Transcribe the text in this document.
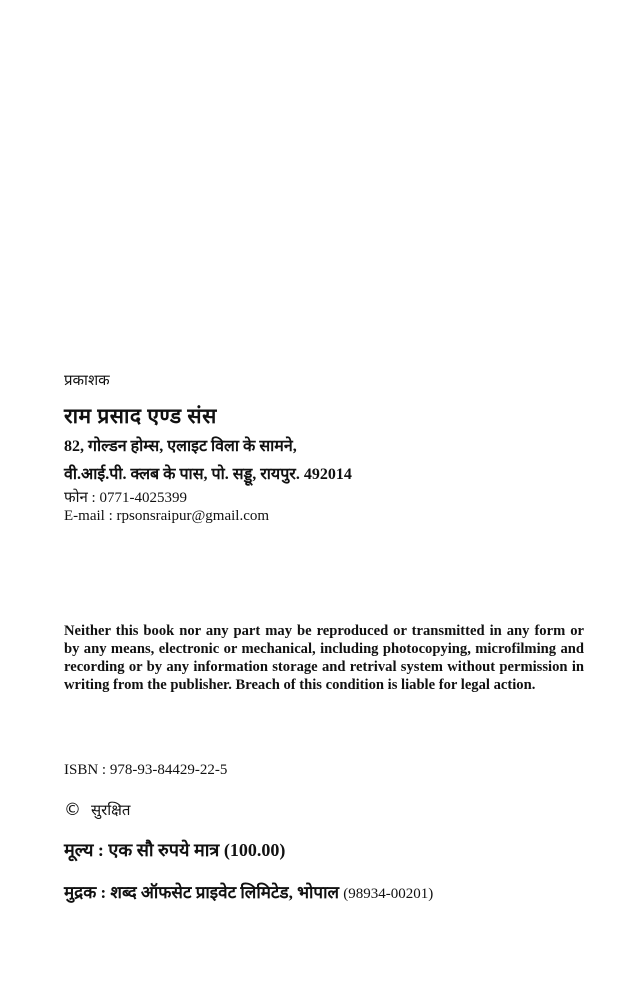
प्रकाशक
राम प्रसाद एण्ड संस
82, गोल्डन होम्स, एलाइट विला के सामने,
वी.आई.पी. क्लब के पास, पो. सड्डू, रायपुर. 492014
फोन : 0771-4025399
E-mail : rpsonsraipur@gmail.com
Neither this book nor any part may be reproduced or transmitted in any form or by any means, electronic or mechanical, including photocopying, microfilming and recording or by any information storage and retrival system without permission in writing from the publisher. Breach of this condition is liable for legal action.
ISBN : 978-93-84429-22-5
© सुरक्षित
मूल्य : एक सौ रुपये मात्र (100.00)
मुद्रक : शब्द ऑफसेट प्राइवेट लिमिटेड, भोपाल (98934-00201)
